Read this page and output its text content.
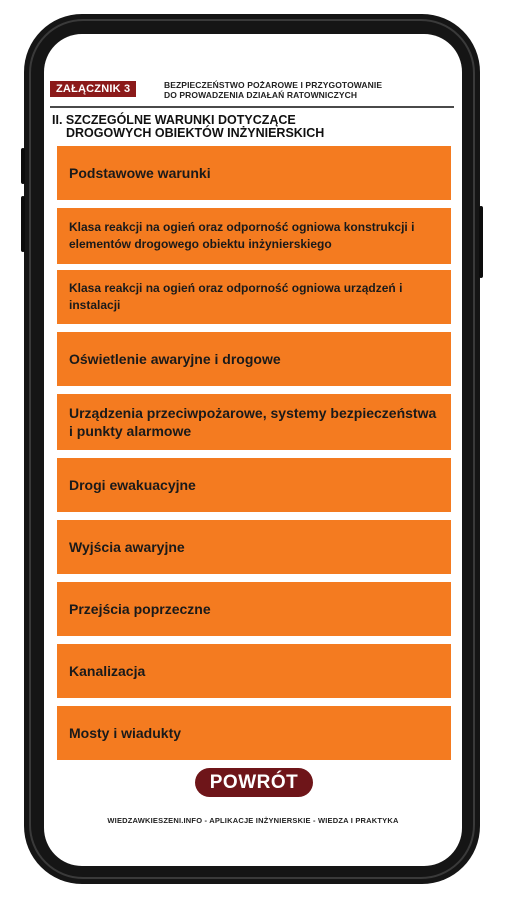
ZAŁĄCZNIK 3	BEZPIECZEŃSTWO POŻAROWE I PRZYGOTOWANIE
DO PROWADZENIA DZIAŁAŃ RATOWNICZYCH
II. SZCZEGÓLNE WARUNKI DOTYCZĄCE
DROGOWYCH OBIEKTÓW INŻYNIERSKICH
Podstawowe warunki
Klasa reakcji na ogień oraz odporność ogniowa konstrukcji i elementów drogowego obiektu inżynierskiego
Klasa reakcji na ogień oraz odporność ogniowa urządzeń i instalacji
Oświetlenie awaryjne i drogowe
Urządzenia przeciwpożarowe, systemy bezpieczeństwa i punkty alarmowe
Drogi ewakuacyjne
Wyjścia awaryjne
Przejścia poprzeczne
Kanalizacja
Mosty i wiadukty
POWRÓT
WIEDZAWKIESZENI.INFO - APLIKACJE INŻYNIERSKIE - WIEDZA I PRAKTYKA
